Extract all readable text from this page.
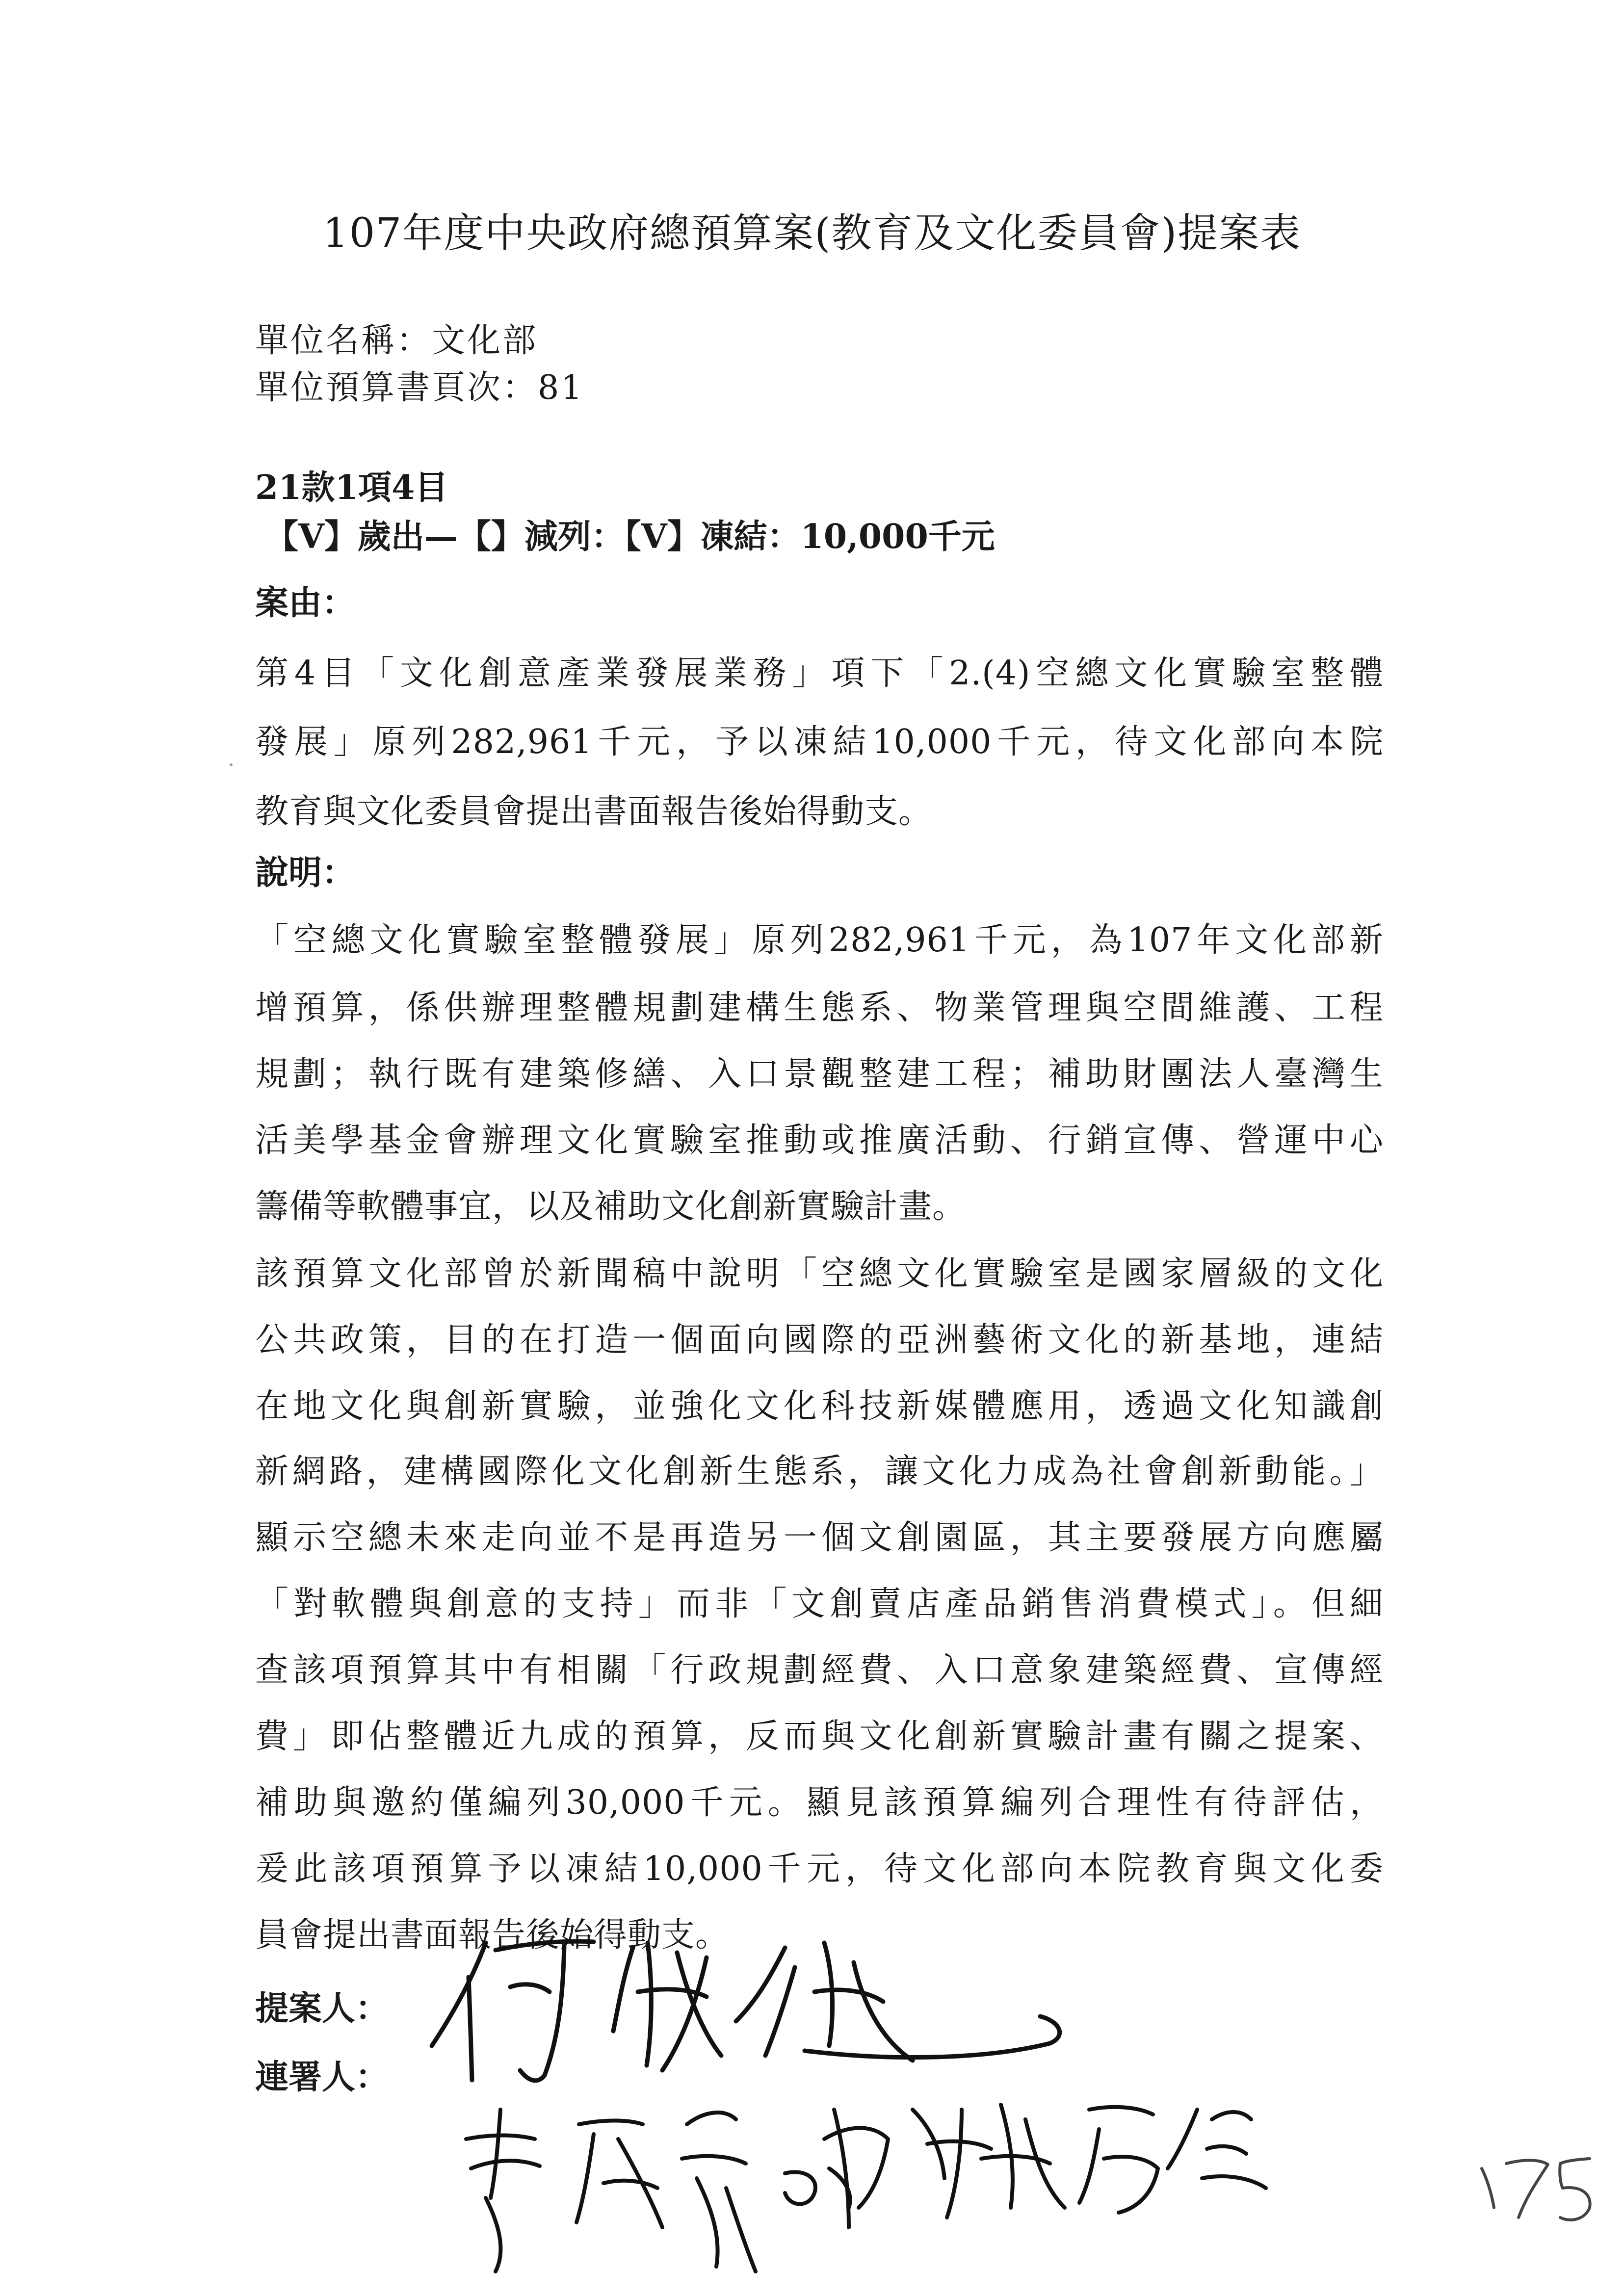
107年度中央政府總預算案(教育及文化委員會)提案表
單位名稱：文化部
單位預算書頁次：81
21款1項4目
【V】歲出—【】減列：【V】凍結：10,000千元
案由：
第4目「文化創意產業發展業務」項下「2.(4)空總文化實驗室整體
發展」原列282,961千元，予以凍結10,000千元，待文化部向本院
教育與文化委員會提出書面報告後始得動支。
說明：
「空總文化實驗室整體發展」原列282,961千元，為107年文化部新
增預算，係供辦理整體規劃建構生態系、物業管理與空間維護、工程
規劃；執行既有建築修繕、入口景觀整建工程；補助財團法人臺灣生
活美學基金會辦理文化實驗室推動或推廣活動、行銷宣傳、營運中心
籌備等軟體事宜，以及補助文化創新實驗計畫。
該預算文化部曾於新聞稿中說明「空總文化實驗室是國家層級的文化
公共政策，目的在打造一個面向國際的亞洲藝術文化的新基地，連結
在地文化與創新實驗，並強化文化科技新媒體應用，透過文化知識創
新網路，建構國際化文化創新生態系，讓文化力成為社會創新動能。」
顯示空總未來走向並不是再造另一個文創園區，其主要發展方向應屬
「對軟體與創意的支持」而非「文創賣店產品銷售消費模式」。但細
查該項預算其中有相關「行政規劃經費、入口意象建築經費、宣傳經
費」即佔整體近九成的預算，反而與文化創新實驗計畫有關之提案、
補助與邀約僅編列30,000千元。顯見該預算編列合理性有待評估，
爰此該項預算予以凍結10,000千元，待文化部向本院教育與文化委
員會提出書面報告後始得動支。
提案人：
連署人：
